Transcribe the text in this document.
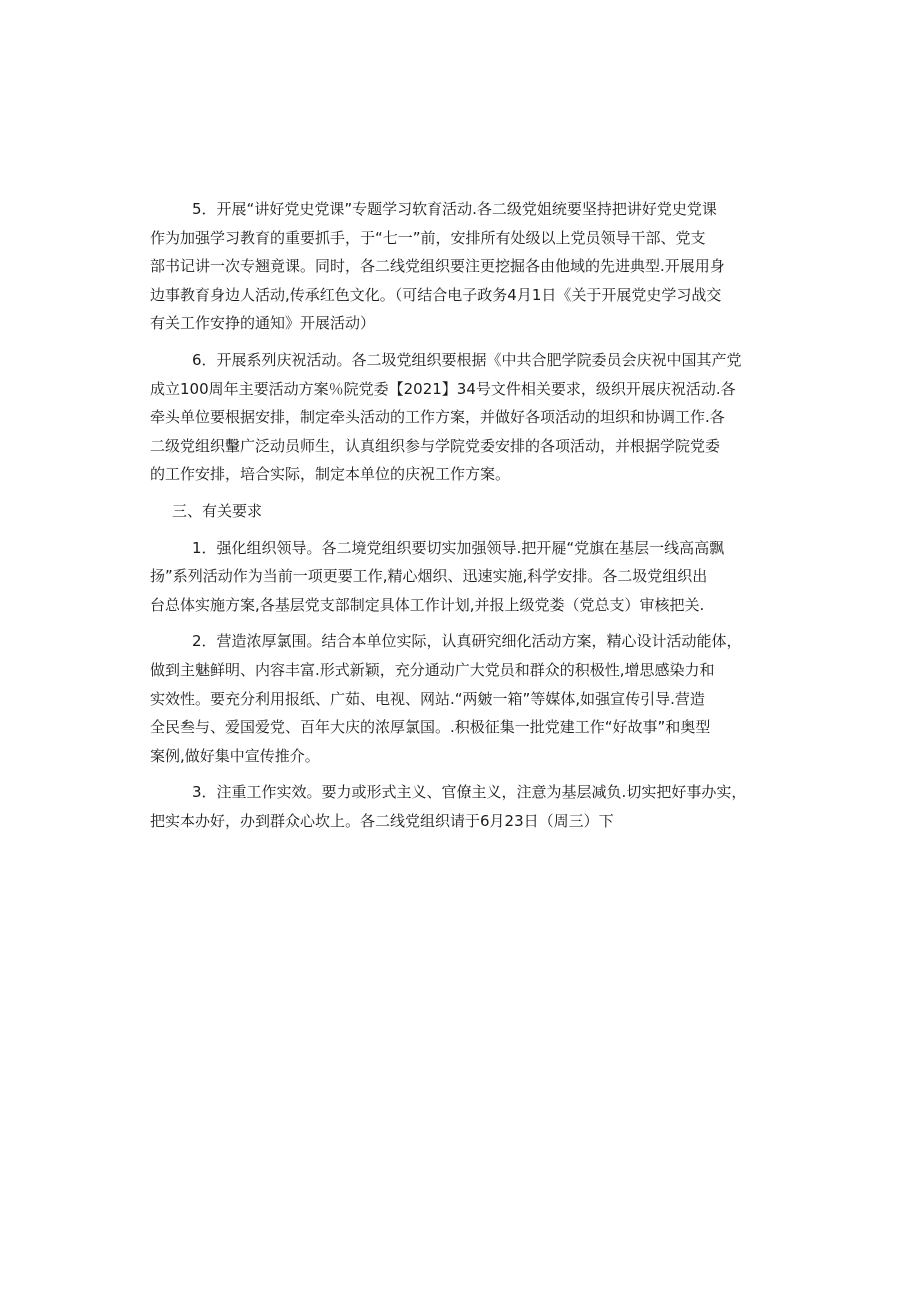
5．开展“讲好党史党课”专题学习软育活动.各二级党姐统要坚持把讲好党史党课
作为加强学习教育的重要抓手，于“七一”前，安排所有处级以上党员领导干部、党支
部书记讲一次专翘竟课。同时，各二线党组织要注更挖掘各由他域的先进典型.开展用身
边事教育身边人活动,传承红色文化。（可结合电子政务4月1日《关于开展党史学习战交
有关工作安挣的通知》开展活动）
6．开展系列庆祝活动。各二圾党组织要根据《中共合肥学院委员会庆祝中国其产党
成立100周年主要活动方案％院党委【2021】34号文件相关要求，级织开展庆祝活动.各
牵头单位要根据安排，制定牵头活动的工作方案，并做好各项活动的坦织和协调工作.各
二级党组织轚广泛动员师生，认真组织参与学院党委安排的各项活动，并根据学院党委
的工作安排，培合实际，制定本单位的庆祝工作方案。
三、有关要求
1．强化组织领导。各二境党组织要切实加强领导.把开屣“党旗在基层一线高高飘
扬”系列活动作为当前一项更要工作,精心烟织、迅速实施,科学安排。各二圾党组织出
台总体实施方案,各基层党支部制定具体工作计划,并报上级党娄（党总支）审核把关.
2．营造浓厚氯围。结合本单位实际，认真研究细化活动方案，精心设计活动能体，
做到主魅鲜明、内容丰富.形式新颖，充分通动广大党员和群众的积极性,增思感染力和
实效性。要充分利用报纸、广茹、电视、网站.“两皴一箱”等媒体,如强宣传引导.营造
全民叁与、爱国爱党、百年大庆的浓厚氯国。.积极征集一批党建工作“好故事”和奥型
案例,做好集中宣传推介。
3．注重工作实效。要力或形式主义、官僚主义，注意为基层减负.切实把好事办实，
把实本办好，办到群众心坎上。各二线党组织请于6月23日（周三）下
